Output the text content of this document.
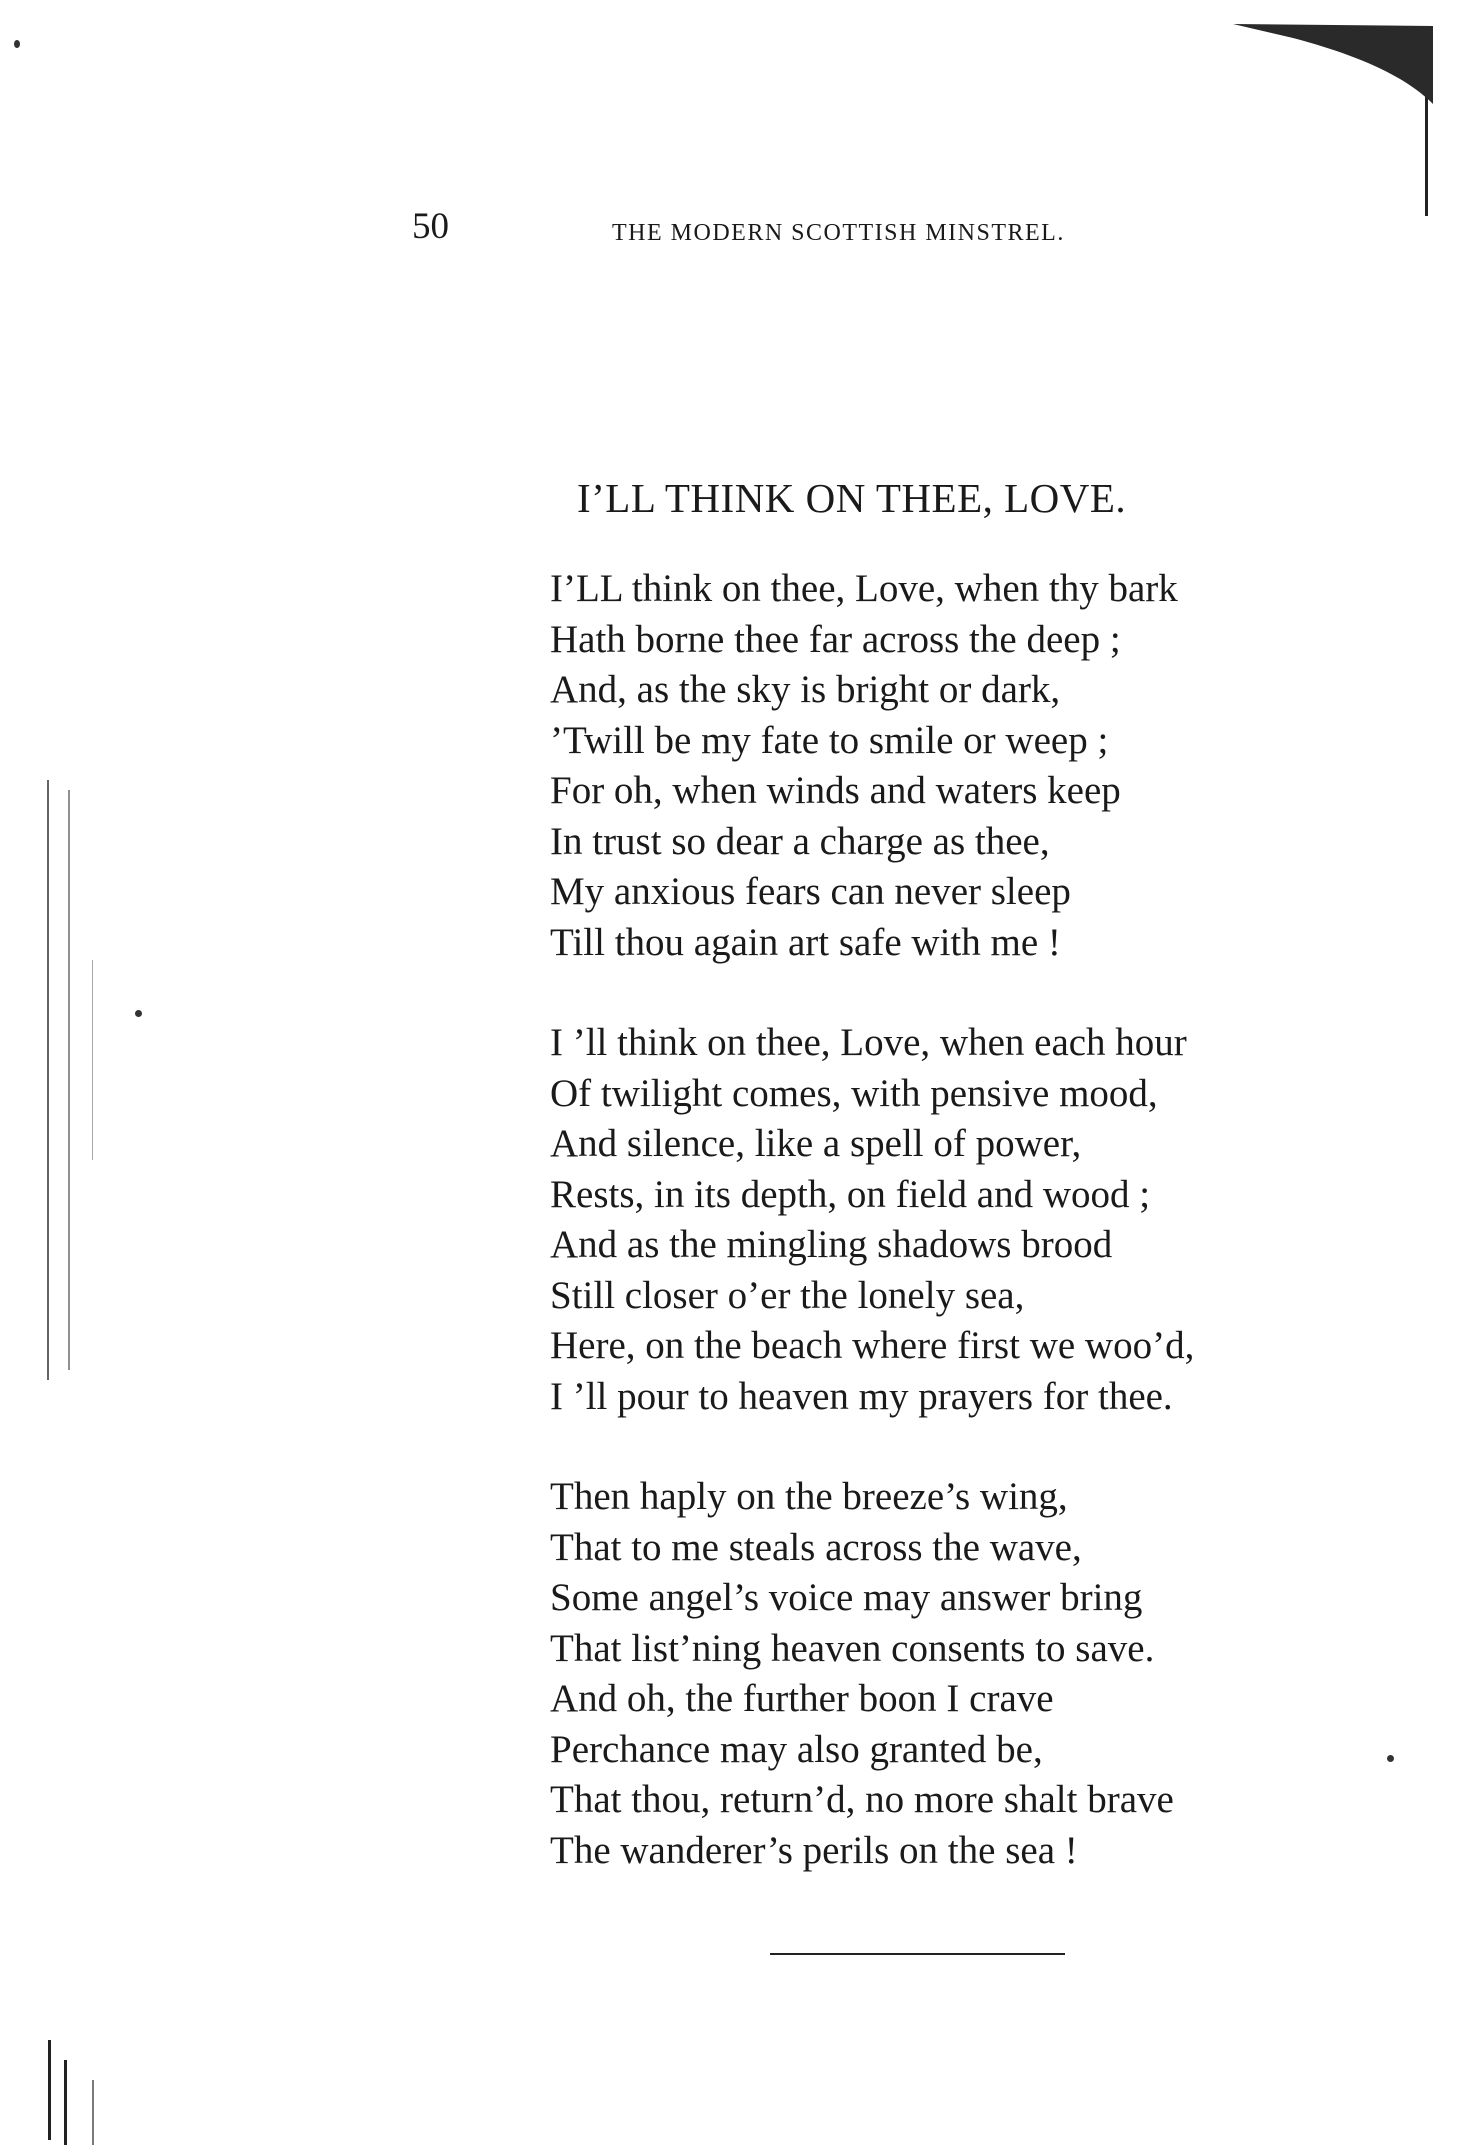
50	THE MODERN SCOTTISH MINSTREL.
I’LL THINK ON THEE, LOVE.
I’LL think on thee, Love, when thy bark
Hath borne thee far across the deep ;
And, as the sky is bright or dark,
’Twill be my fate to smile or weep ;
For oh, when winds and waters keep
In trust so dear a charge as thee,
My anxious fears can never sleep
Till thou again art safe with me !
I ’ll think on thee, Love, when each hour
Of twilight comes, with pensive mood,
And silence, like a spell of power,
Rests, in its depth, on field and wood ;
And as the mingling shadows brood
Still closer o’er the lonely sea,
Here, on the beach where first we woo’d,
I ’ll pour to heaven my prayers for thee.
Then haply on the breeze’s wing,
That to me steals across the wave,
Some angel’s voice may answer bring
That list’ning heaven consents to save.
And oh, the further boon I crave
Perchance may also granted be,
That thou, return’d, no more shalt brave
The wanderer’s perils on the sea !
